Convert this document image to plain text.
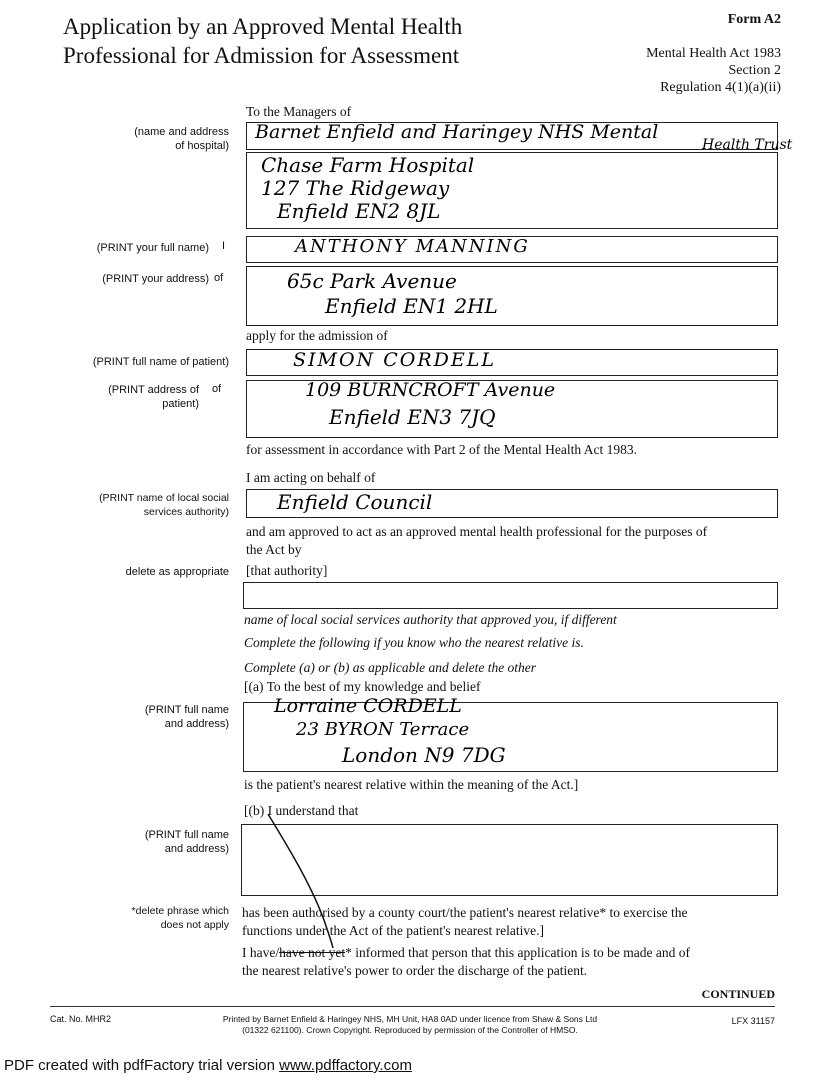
Application by an Approved Mental Health
Professional for Admission for Assessment
Form A2
Mental Health Act 1983
Section 2
Regulation 4(1)(a)(ii)
To the Managers of
(name and address
of hospital)
Barnet Enfield and Haringey NHS Mental
Health Trust
Chase Farm Hospital
127 The Ridgeway
Enfield EN2 8JL
(PRINT your full name) I	ANTHONY MANNING
(PRINT your address) of	65c Park Avenue
Enfield EN1 2HL
apply for the admission of
(PRINT full name of patient)	SIMON CORDELL
(PRINT address of
patient)
of	109 BURNCROFT Avenue
Enfield EN3 7JQ
for assessment in accordance with Part 2 of the Mental Health Act 1983.
I am acting on behalf of
(PRINT name of local social
services authority) Enfield Council
and am approved to act as an approved mental health professional for the purposes of
the Act by
delete as appropriate [that authority]
name of local social services authority that approved you, if different
Complete the following if you know who the nearest relative is.
Complete (a) or (b) as applicable and delete the other
[(a) To the best of my knowledge and belief
(PRINT full name
and address)
Lorraine CORDELL
23 BYRON Terrace
London N9 7DG
is the patient's nearest relative within the meaning of the Act.]
[(b) I understand that
(PRINT full name
and address)
*delete phrase which
does not apply
has been authorised by a county court/the patient's nearest relative* to exercise the
functions under the Act of the patient's nearest relative.]
I have/have not yet* informed that person that this application is to be made and of
the nearest relative's power to order the discharge of the patient.
CONTINUED
Cat. No. MHR2	Printed by Barnet Enfield & Haringey NHS, MH Unit, HA8 0AD under licence from Shaw & Sons Ltd
(01322 621100). Crown Copyright. Reproduced by permission of the Controller of HMSO.
LFX 31157
PDF created with pdfFactory trial version www.pdffactory.com
